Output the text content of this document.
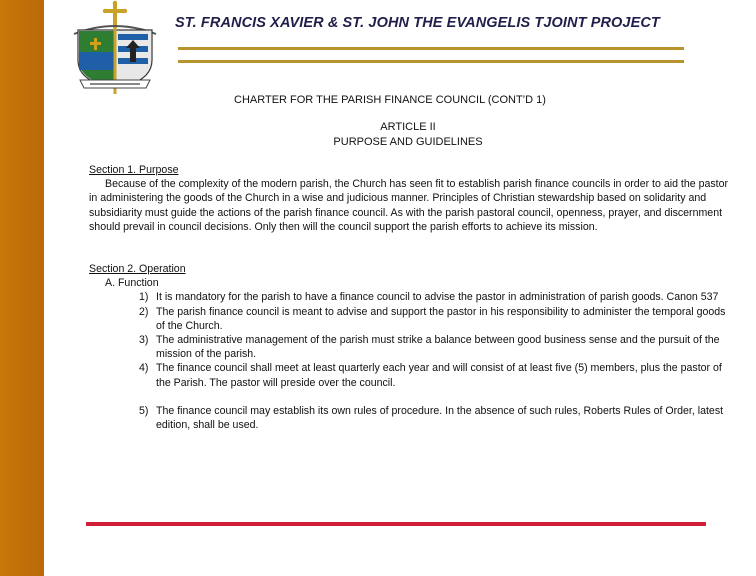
ST. FRANCIS XAVIER & ST. JOHN THE EVANGELIS TJOINT PROJECT
CHARTER FOR THE PARISH FINANCE COUNCIL (CONT’D 1)
ARTICLE II
PURPOSE AND GUIDELINES
Section 1. Purpose

Because of the complexity of the modern parish, the Church has seen fit to establish parish finance councils in order to aid the pastor in administering the goods of the Church in a wise and judicious manner. Principles of Christian stewardship based on solidarity and subsidiarity must guide the actions of the parish finance council. As with the parish pastoral council, openness, prayer, and discernment should prevail in council decisions. Only then will the council support the parish efforts to achieve its mission.

Section 2. Operation
A. Function
1) It is mandatory for the parish to have a finance council to advise the pastor in administration of parish goods. Canon 537
2) The parish finance council is meant to advise and support the pastor in his responsibility to administer the temporal goods of the Church.
3) The administrative management of the parish must strike a balance between good business sense and the pursuit of the mission of the parish.
4) The finance council shall meet at least quarterly each year and will consist of at least five (5) members, plus the pastor of the Parish. The pastor will preside over the council.
5) The finance council may establish its own rules of procedure. In the absence of such rules, Roberts Rules of Order, latest edition, shall be used.
